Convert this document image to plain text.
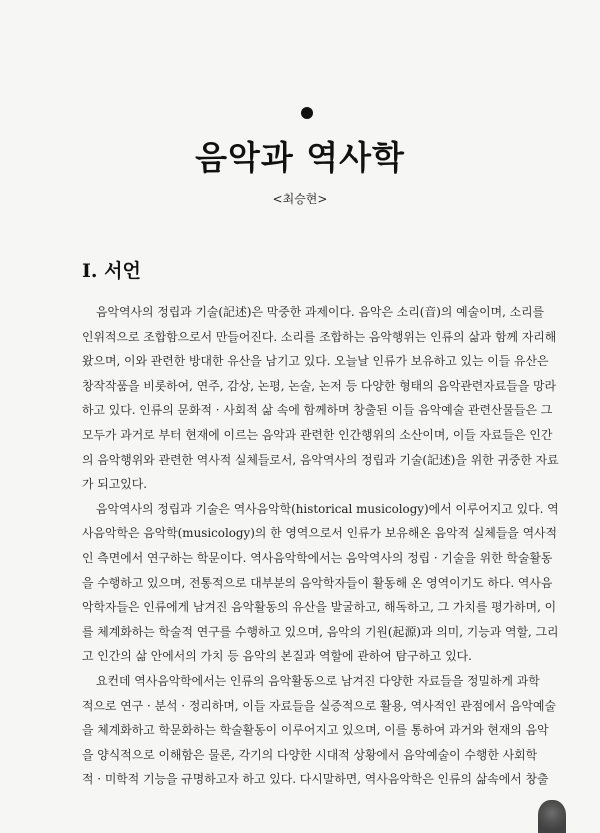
음악과 역사학
<최승현>
I. 서언
음악역사의 정립과 기술(記述)은 막중한 과제이다. 음악은 소리(音)의 예술이며, 소리를
인위적으로 조합함으로서 만들어진다. 소리를 조합하는 음악행위는 인류의 삶과 함께 자리해
왔으며, 이와 관련한 방대한 유산을 남기고 있다. 오늘날 인류가 보유하고 있는 이들 유산은
창작작품을 비롯하여, 연주, 감상, 논평, 논술, 논저 등 다양한 형태의 음악관련자료들을 망라
하고 있다. 인류의 문화적 · 사회적 삶 속에 함께하며 창출된 이들 음악예술 관련산물들은 그
모두가 과거로 부터 현재에 이르는 음악과 관련한 인간행위의 소산이며, 이들 자료들은 인간
의 음악행위와 관련한 역사적 실체들로서, 음악역사의 정립과 기술(記述)을 위한 귀중한 자료
가 되고있다.
음악역사의 정립과 기술은 역사음악학(historical musicology)에서 이루어지고 있다. 역
사음악학은 음악학(musicology)의 한 영역으로서 인류가 보유해온 음악적 실체들을 역사적
인 측면에서 연구하는 학문이다. 역사음악학에서는 음악역사의 정립 · 기술을 위한 학술활동
을 수행하고 있으며, 전통적으로 대부분의 음악학자들이 활동해 온 영역이기도 하다. 역사음
악학자들은 인류에게 남겨진 음악활동의 유산을 발굴하고, 해독하고, 그 가치를 평가하며, 이
를 체계화하는 학술적 연구를 수행하고 있으며, 음악의 기원(起源)과 의미, 기능과 역할, 그리
고 인간의 삶 안에서의 가치 등 음악의 본질과 역할에 관하여 탐구하고 있다.
요컨데 역사음악학에서는 인류의 음악활동으로 남겨진 다양한 자료들을 정밀하게 과학
적으로 연구 · 분석 · 정리하며, 이들 자료들을 실증적으로 활용, 역사적인 관점에서 음악예술
을 체계화하고 학문화하는 학술활동이 이루어지고 있으며, 이를 통하여 과거와 현재의 음악
을 양식적으로 이해함은 물론, 각기의 다양한 시대적 상황에서 음악예술이 수행한 사회학
적 · 미학적 기능을 규명하고자 하고 있다. 다시말하면, 역사음악학은 인류의 삶속에서 창출
